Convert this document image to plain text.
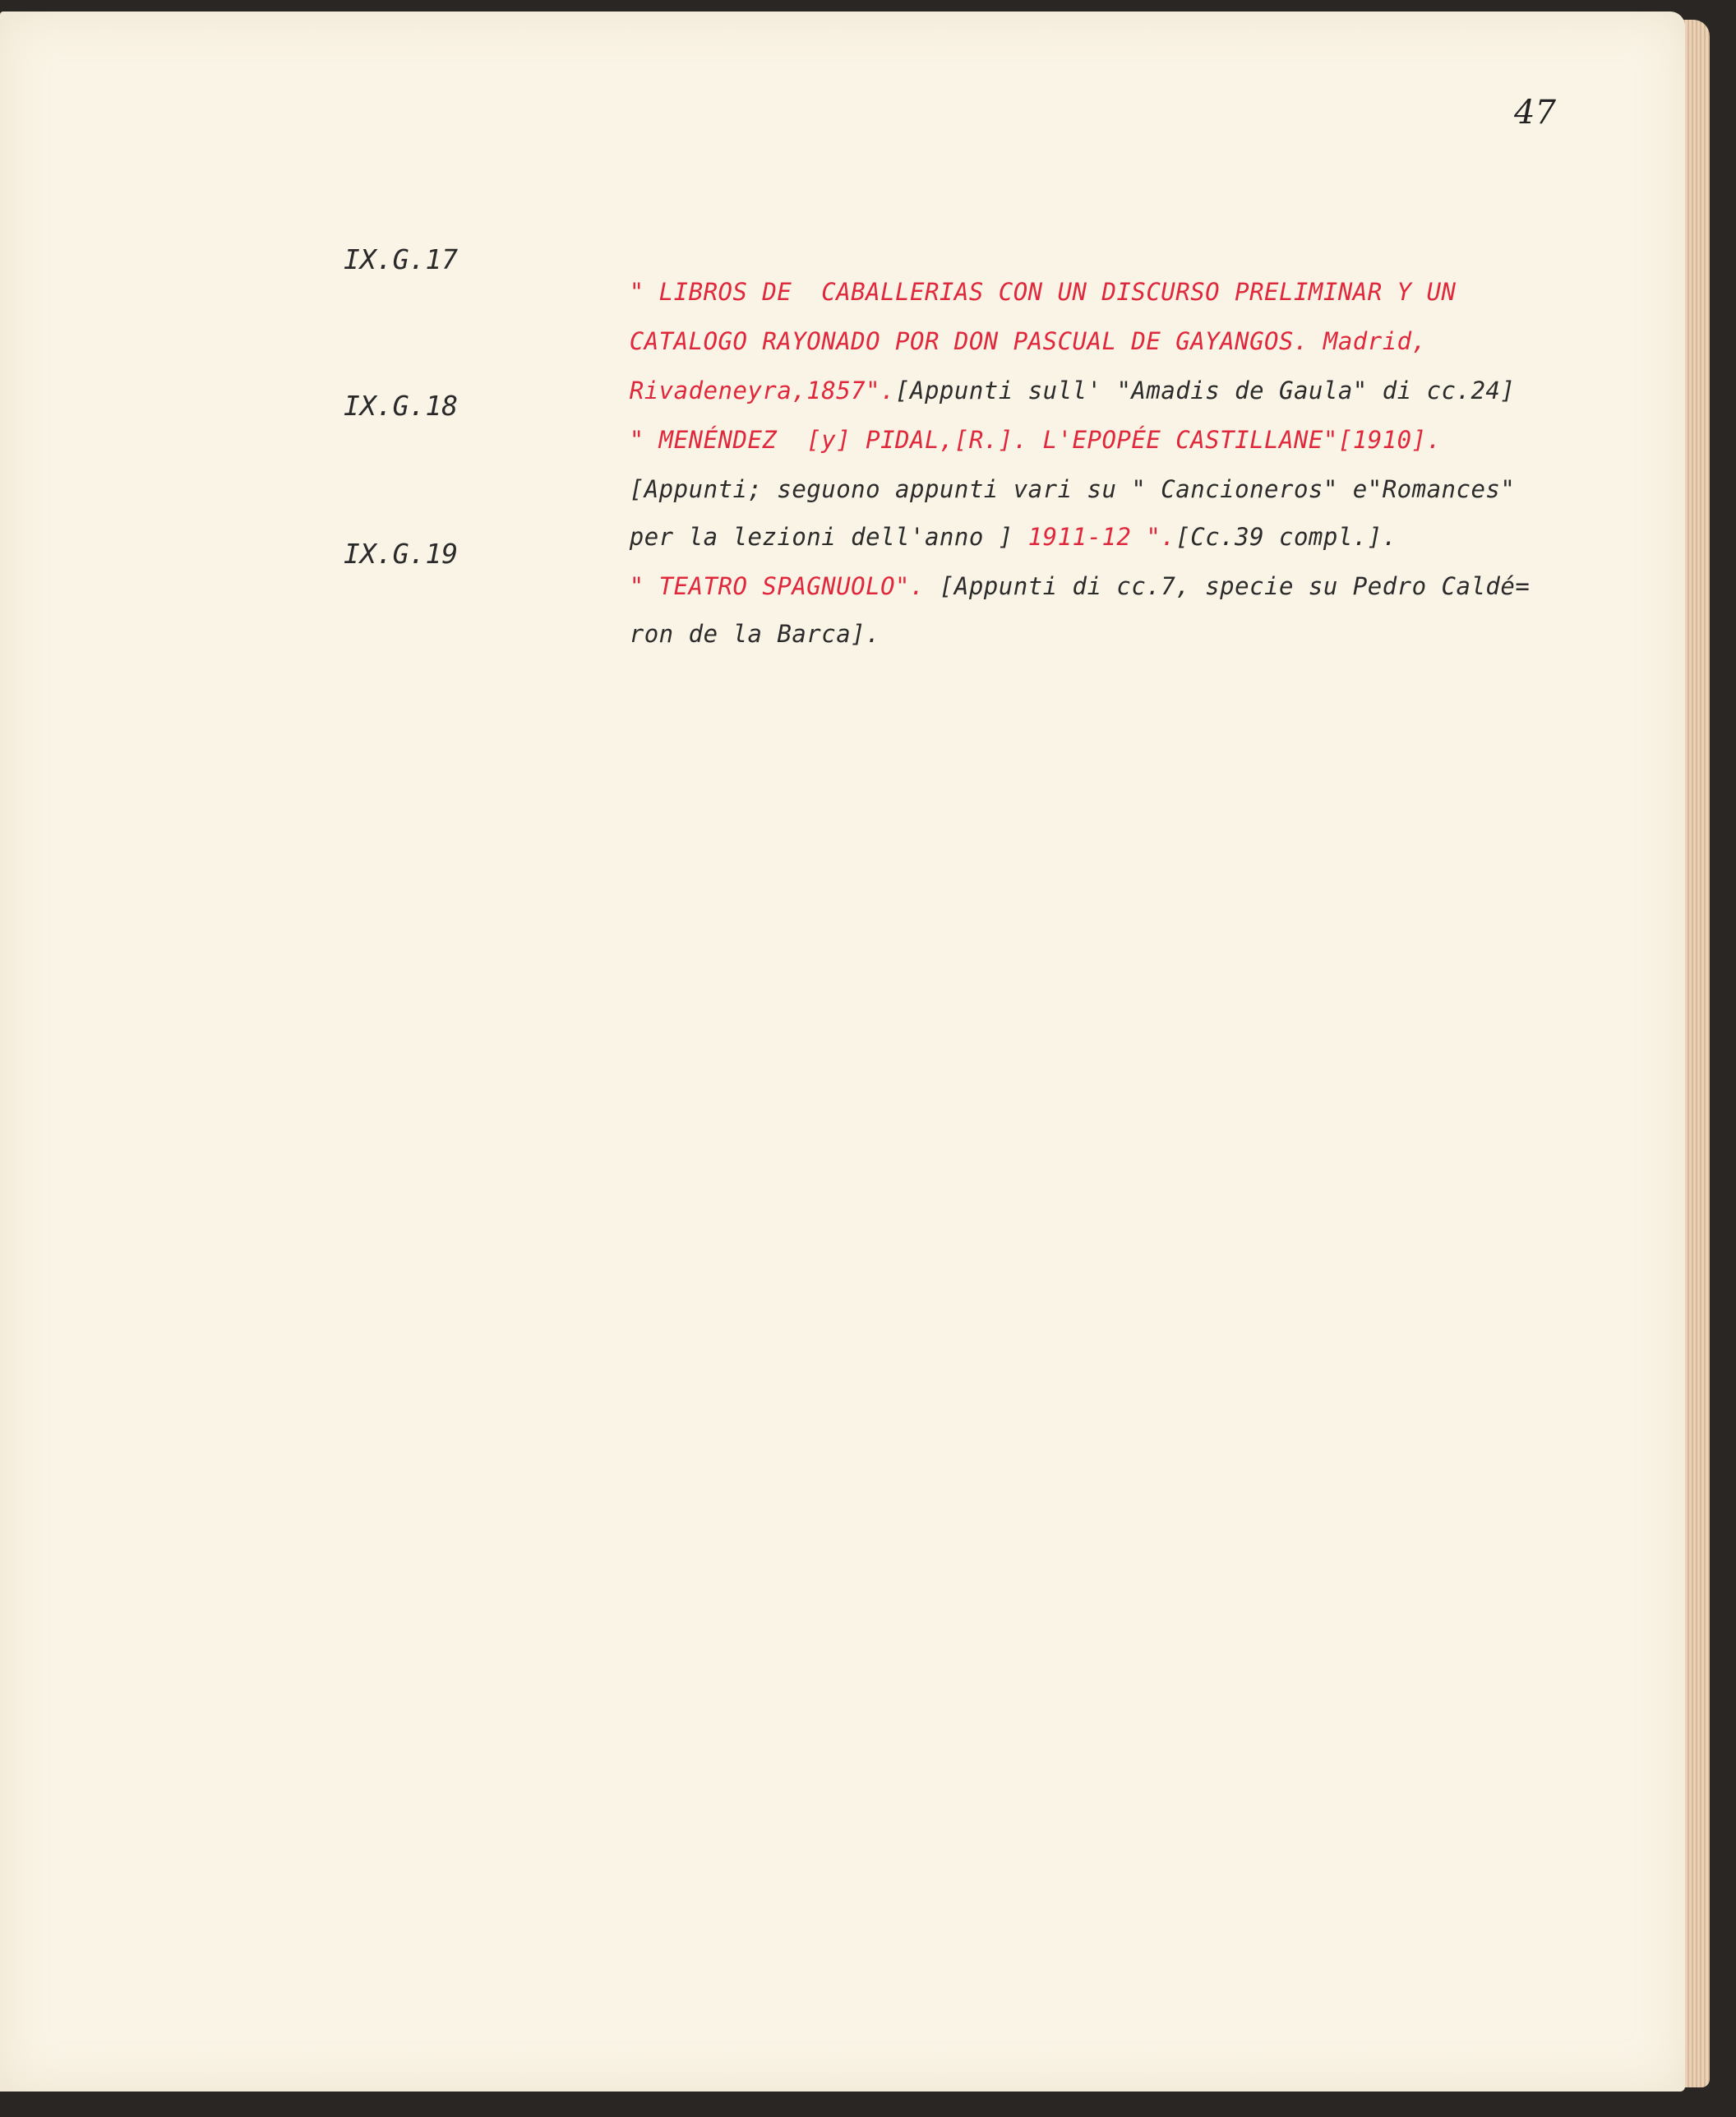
47
IX.G.17

" LIBROS DE  CABALLERIAS CON UN DISCURSO PRELIMINAR Y UN

CATALOGO RAYONADO POR DON PASCUAL DE GAYANGOS. Madrid,

Rivadeneyra,1857".[Appunti sull' "Amadis de Gaula" di cc.24]

IX.G.18

" MENÉNDEZ  [y] PIDAL,[R.]. L'EPOPÉE CASTILLANE"[1910].

[Appunti; seguono appunti vari su " Cancioneros" e"Romances"

per la lezioni dell'anno ] 1911-12 ".[Cc.39 compl.].

IX.G.19

" TEATRO SPAGNUOLO". [Appunti di cc.7, specie su Pedro Caldé=

ron de la Barca].
